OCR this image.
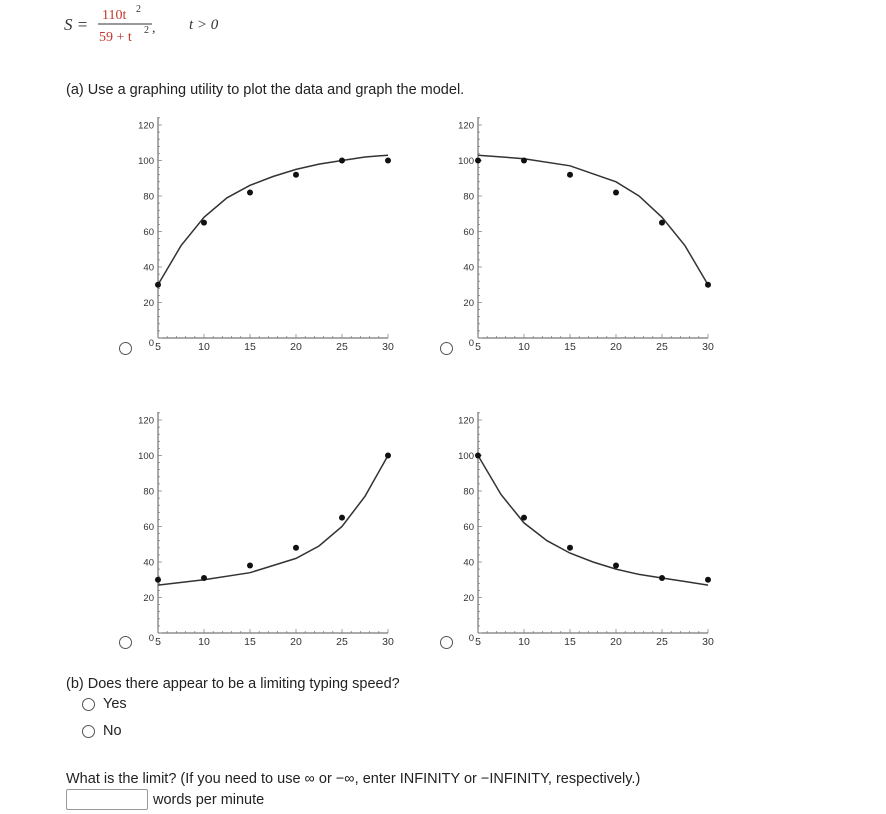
S = 110t 2
59 + t 2 , t > 0
(a) Use a graphing utility to plot the data and graph the model.
5	10	15	20	25	30
0
20
40
60
80
100
120
5	10	15	20	25	30
0
20
40
60
80
100
120
5	10	15	20	25	30
0
20
40
60
80
100
120
5	10	15	20	25	30
0
20
40
60
80
100
120
(b) Does there appear to be a limiting typing speed?
Yes
No
What is the limit? (If you need to use ∞ or −∞, enter INFINITY or −INFINITY, respectively.)
words per minute
